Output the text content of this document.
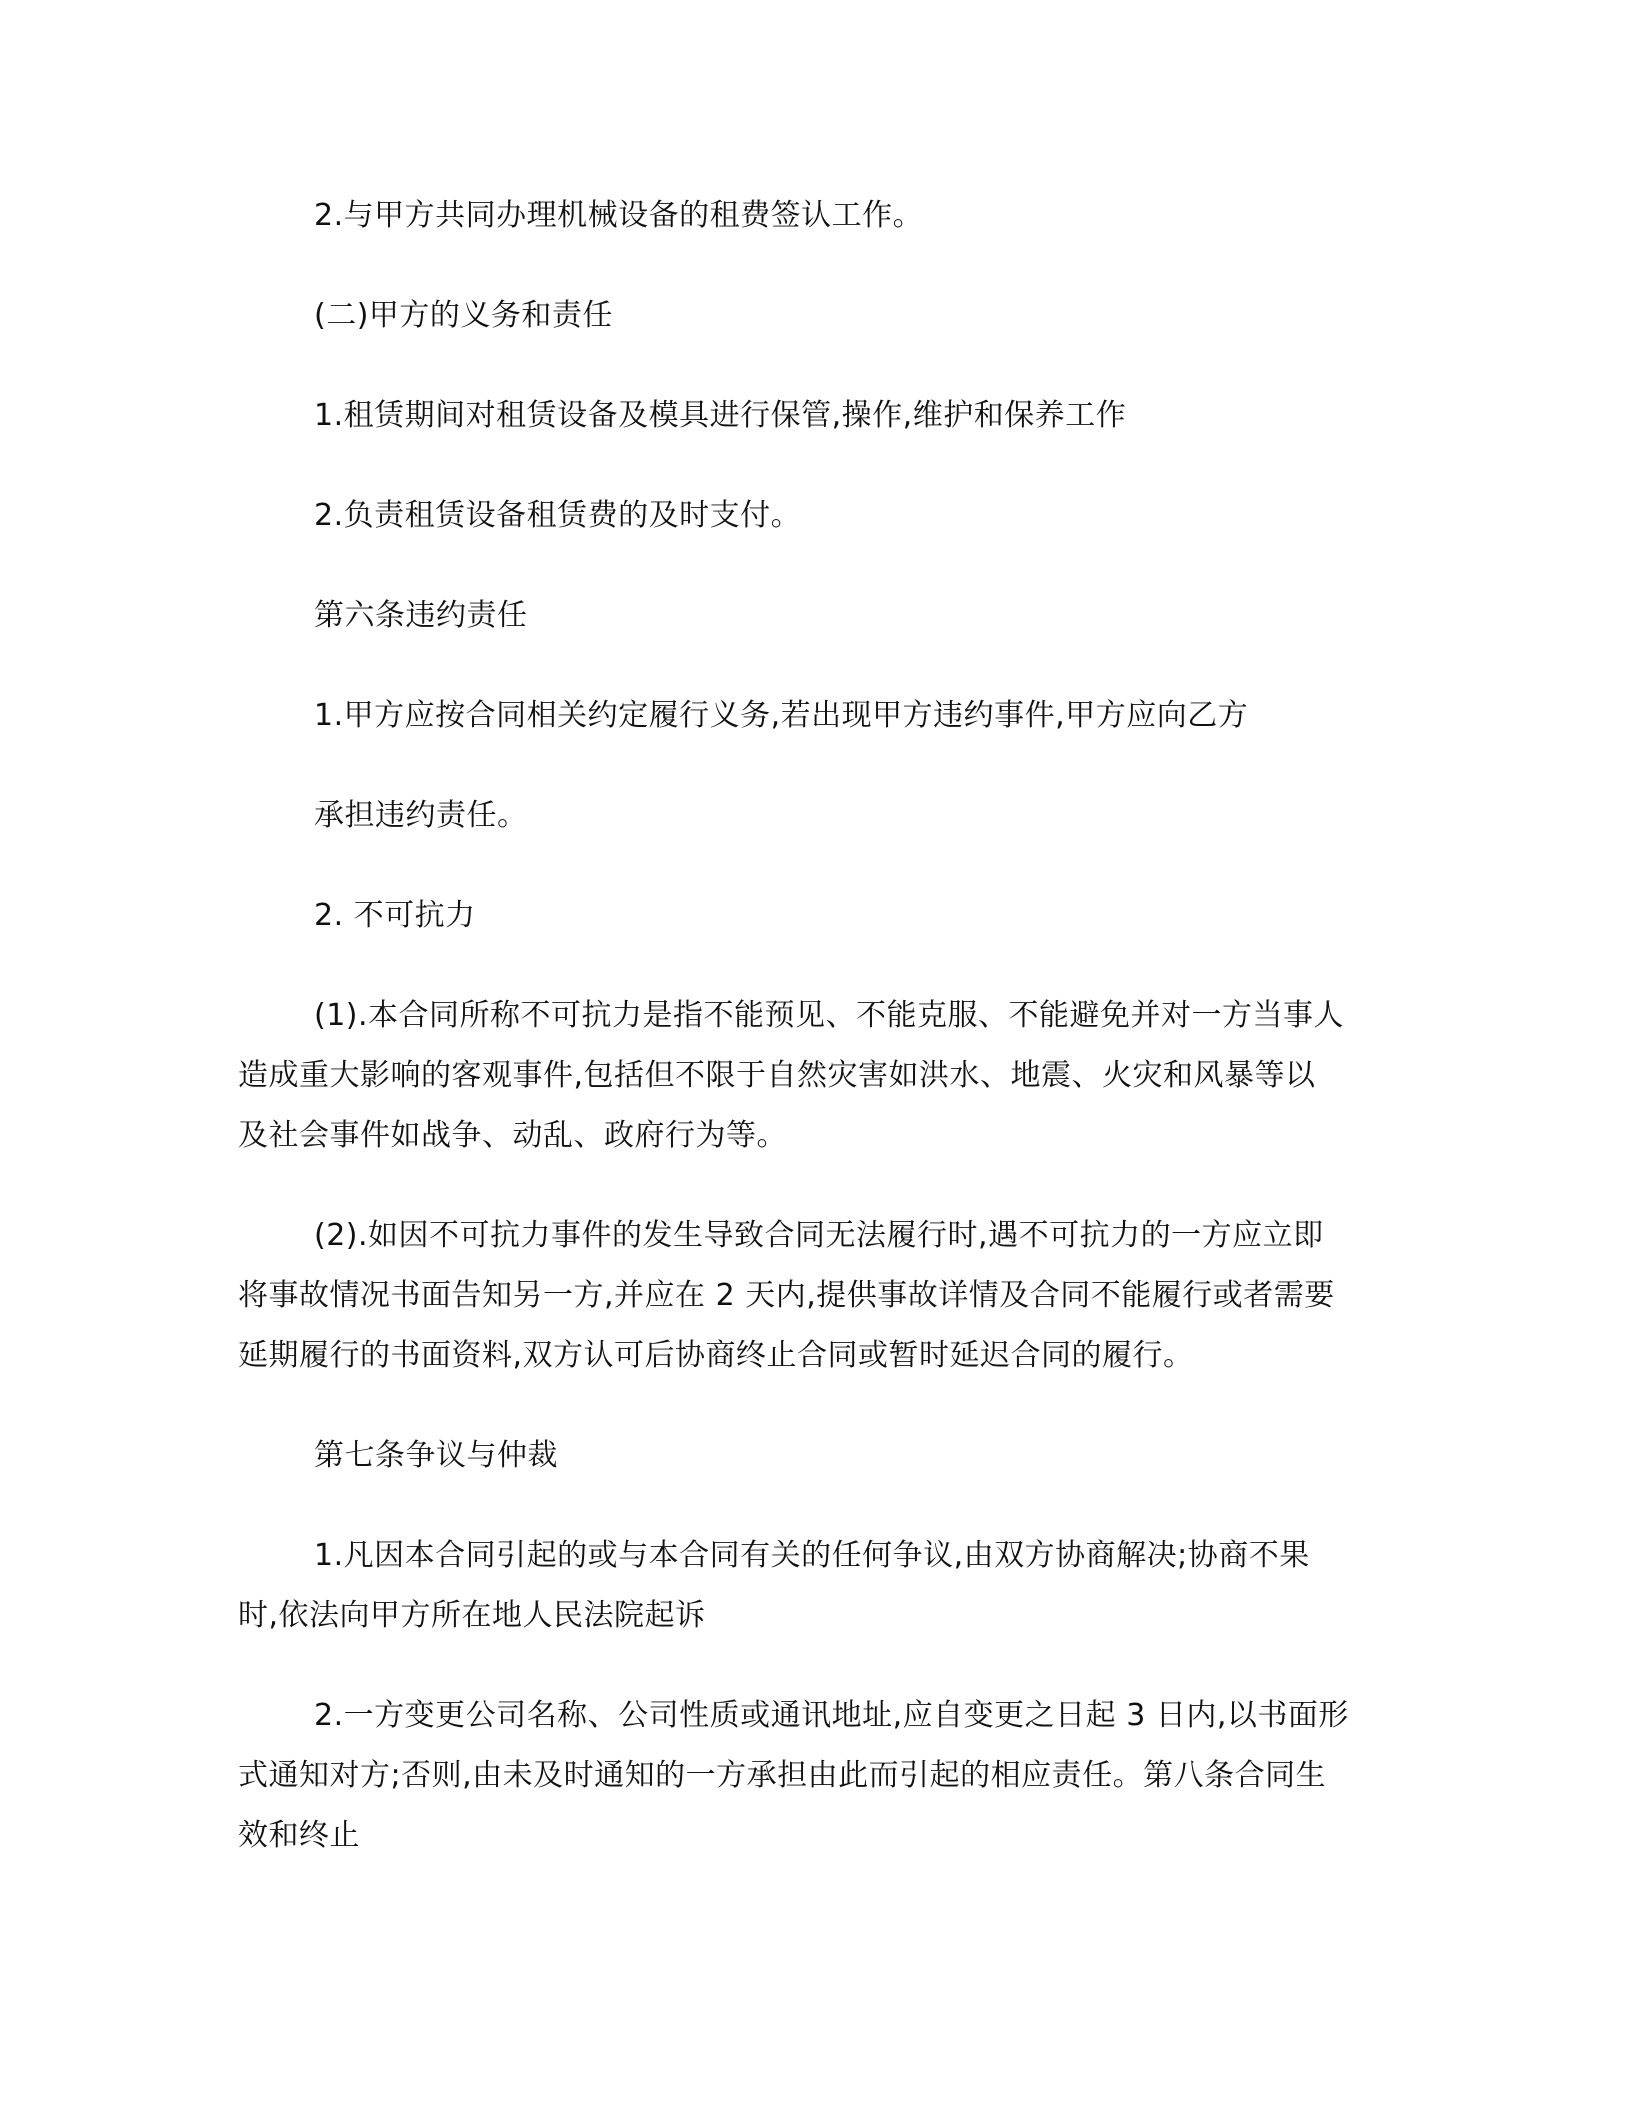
2.与甲方共同办理机械设备的租费签认工作。
(二)甲方的义务和责任
1.租赁期间对租赁设备及模具进行保管,操作,维护和保养工作
2.负责租赁设备租赁费的及时支付。
第六条违约责任
1.甲方应按合同相关约定履行义务,若出现甲方违约事件,甲方应向乙方
承担违约责任。
2. 不可抗力
(1).本合同所称不可抗力是指不能预见、不能克服、不能避免并对一方当事人
造成重大影响的客观事件,包括但不限于自然灾害如洪水、地震、火灾和风暴等以
及社会事件如战争、动乱、政府行为等。
(2).如因不可抗力事件的发生导致合同无法履行时,遇不可抗力的一方应立即
将事故情况书面告知另一方,并应在 2 天内,提供事故详情及合同不能履行或者需要
延期履行的书面资料,双方认可后协商终止合同或暂时延迟合同的履行。
第七条争议与仲裁
1.凡因本合同引起的或与本合同有关的任何争议,由双方协商解决;协商不果
时,依法向甲方所在地人民法院起诉
2.一方变更公司名称、公司性质或通讯地址,应自变更之日起 3 日内,以书面形
式通知对方;否则,由未及时通知的一方承担由此而引起的相应责任。第八条合同生
效和终止
